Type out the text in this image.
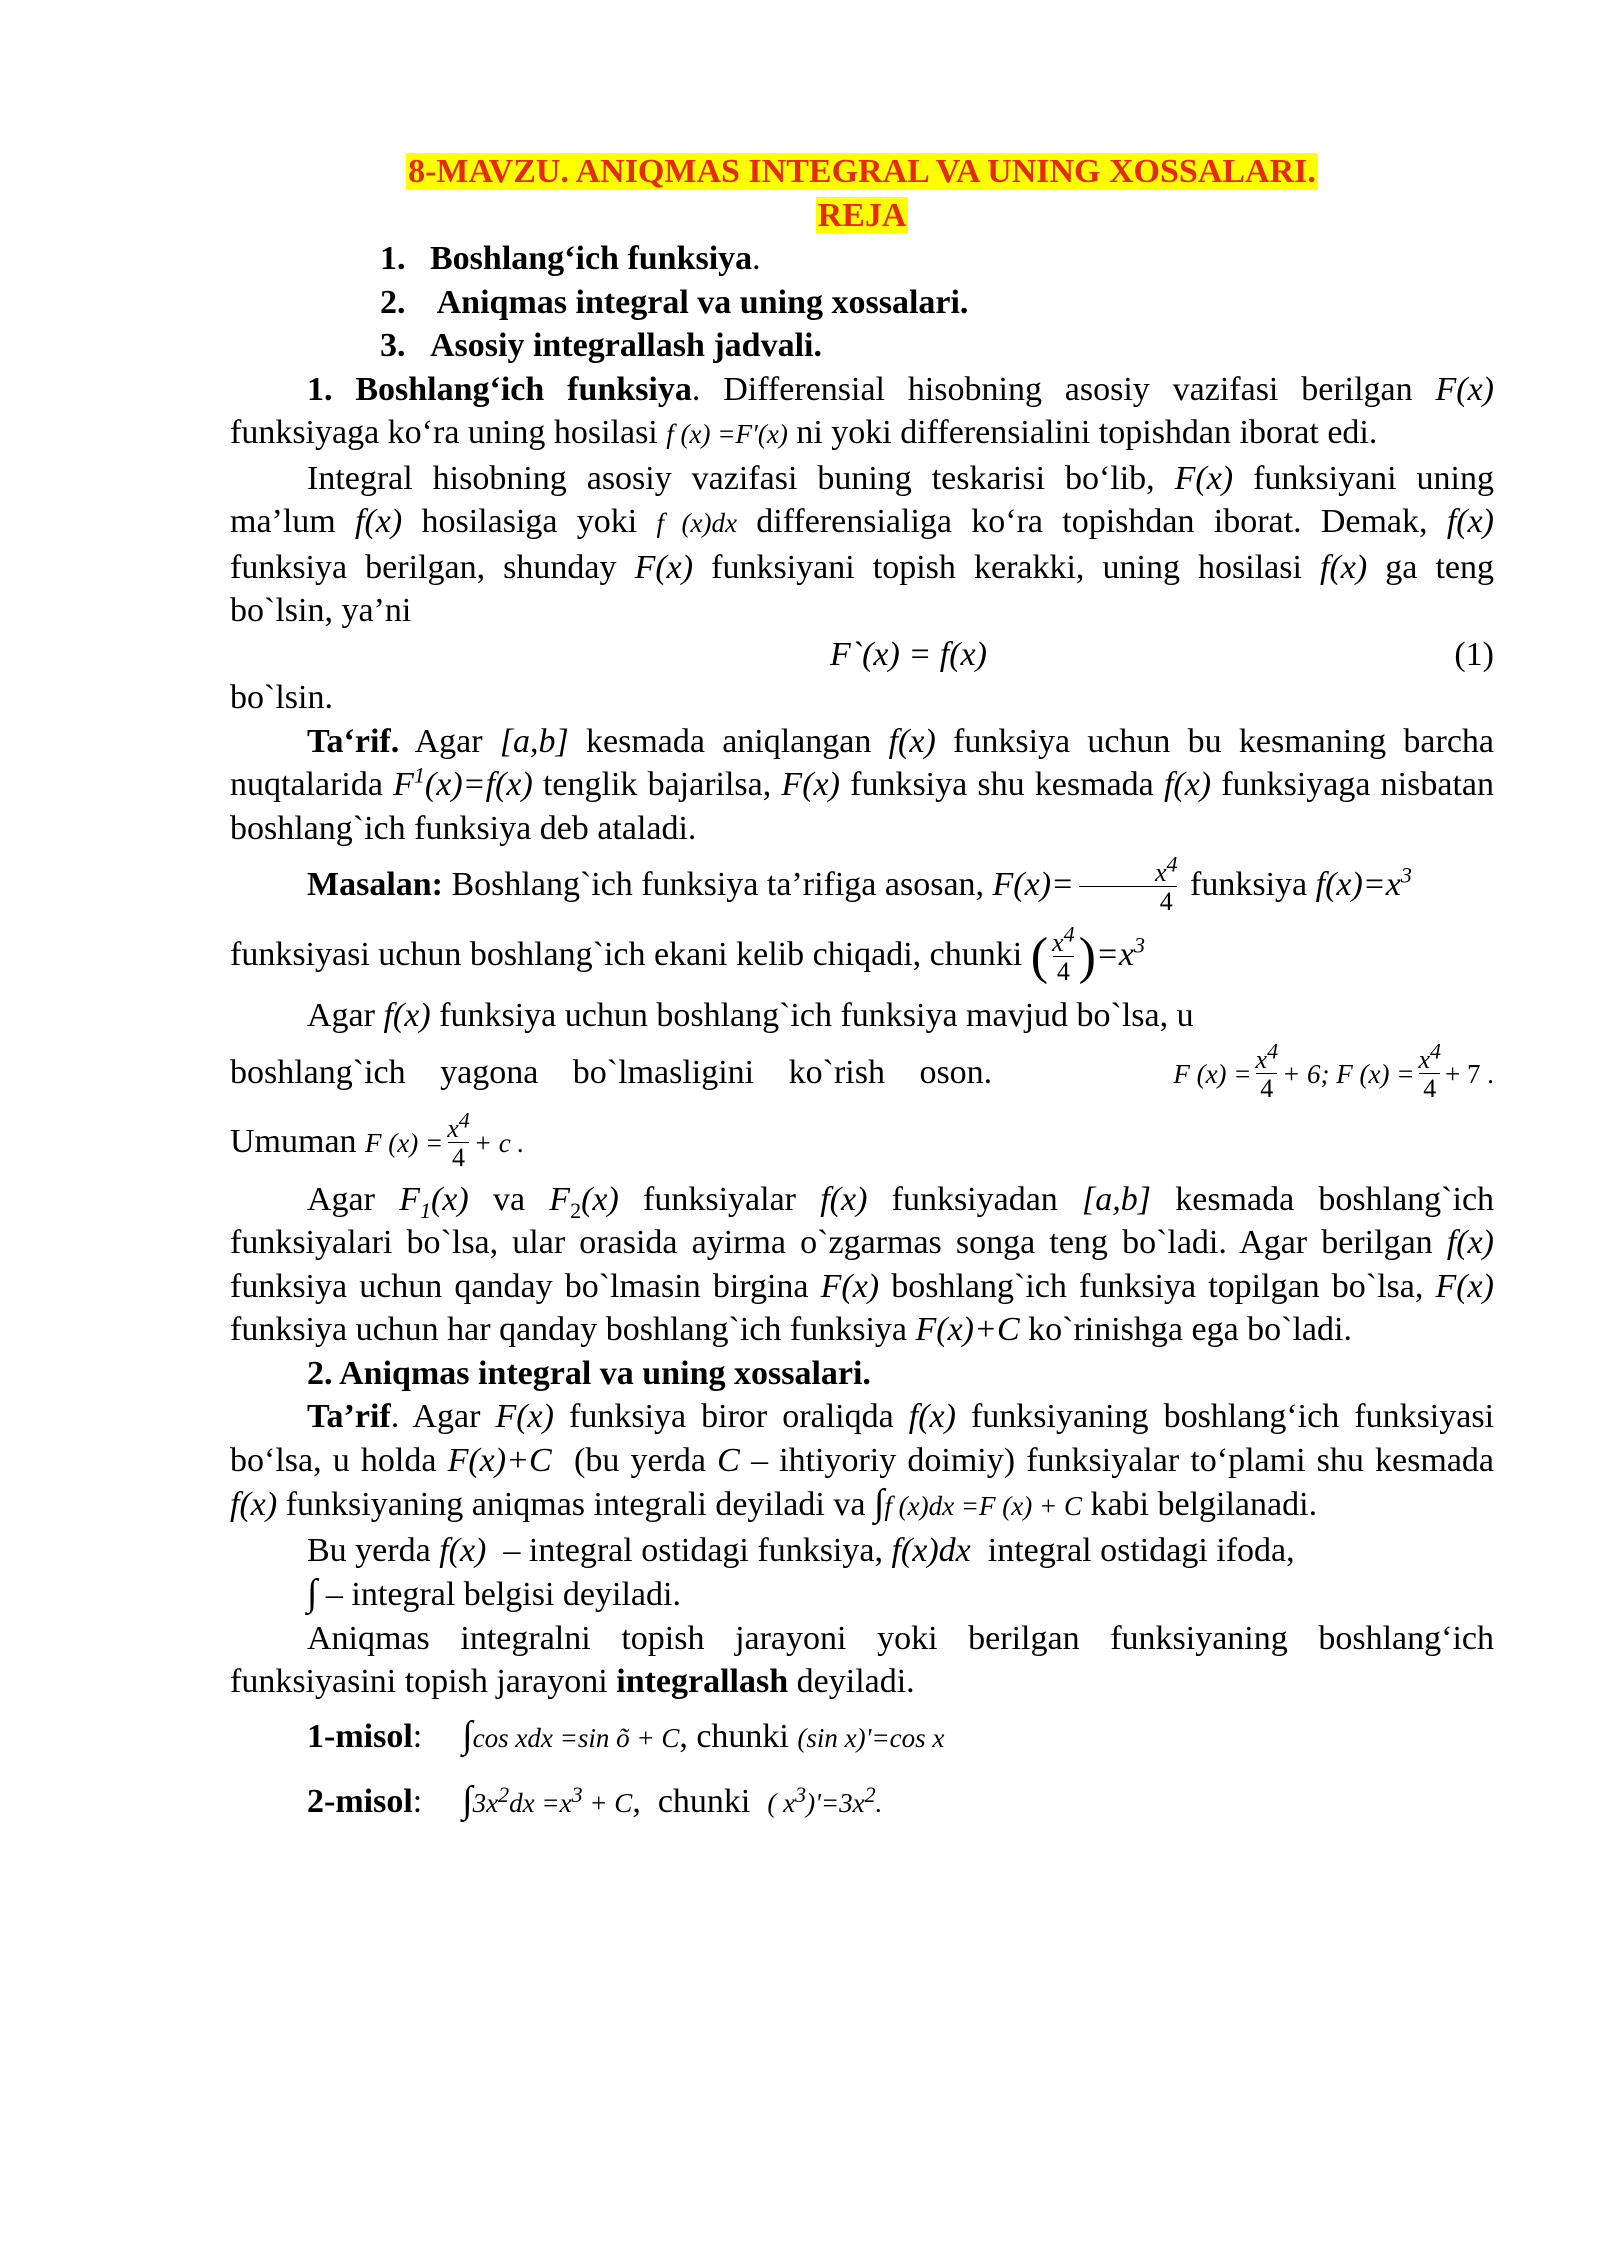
8-MAVZU. ANIQMAS INTEGRAL VA UNING XOSSALARI.
REJA
1. Boshlang‘ich funksiya .
2. Aniqmas integral va uning xossalari.
3. Asosiy integrallash jadvali.

1. Boshlang‘ich funksiya. Differensial hisobning asosiy vazifasi berilgan F(x) funksiyaga ko‘ra uning hosilasi f (x) =F′(x) ni yoki differensialini topishdan iborat edi.

Integral hisobning asosiy vazifasi buning teskarisi bo‘lib, F(x) funksiyani uning ma’lum f(x) hosilasiga yoki f (x)dx differensialiga ko‘ra topishdan iborat. Demak, f(x) funksiya berilgan, shunday F(x) funksiyani topish kerakki, uning hosilasi f(x) ga teng bo`lsin, ya’ni

F`(x) = f(x)	(1)

bo`lsin.

Ta‘rif. Agar [a,b] kesmada aniqlangan f(x) funksiya uchun bu kesmaning barcha nuqtalarida $F^1(x)=f(x)$ tenglik bajarilsa, F(x) funksiya shu kesmada f(x) funksiyaga nisbatan boshlang`ich funksiya deb ataladi.

Masalan: Boshlang`ich funksiya ta’rifiga asosan, $F(x)= \frac{x^4}{4}$ funksiya $f(x)=x^3$

funksiyasi uchun boshlang`ich ekani kelib chiqadi, chunki ( $\frac{x^4}{4} )=x^3$

Agar f(x) funksiya uchun boshlang`ich funksiya mavjud bo`lsa, u

boshlang`ich yagona bo`lmasligini ko`rish oson.	F $(x) = \frac{x^4}{4} + 6$; F $(x) = \frac{x^4}{4} + 7$ .

Umuman F $(x) = \frac{x^4}{4} + c$ .

Agar $F_1(x)$ va $F_2(x)$ funksiyalar f(x) funksiyadan [a,b] kesmada boshlang`ich funksiyalari bo`lsa, ular orasida ayirma o`zgarmas songa teng bo`ladi. Agar berilgan f(x) funksiya uchun qanday bo`lmasin birgina F(x) boshlang`ich funksiya topilgan bo`lsa, F(x) funksiya uchun har qanday boshlang`ich funksiya F(x)+C ko`rinishga ega bo`ladi.

2. Aniqmas integral va uning xossalari.

Ta’rif. Agar F(x) funksiya biror oraliqda f(x) funksiyaning boshlang‘ich funksiyasi bo‘lsa, u holda F(x)+C  (bu yerda C – ihtiyoriy doimiy) funksiyalar to‘plami shu kesmada f(x) funksiyaning aniqmas integrali deyiladi va ∫f (x)dx =F (x) + C kabi belgilanadi.

Bu yerda f(x)  – integral ostidagi funksiya, f(x)dx  integral ostidagi ifoda,

∫ – integral belgisi deyiladi.

Aniqmas integralni topish jarayoni yoki berilgan funksiyaning boshlang‘ich funksiyasini topish jarayoni integrallash deyiladi.

1-misol: ∫cos xdx =sin õ + C, chunki (sin x)'=cos x

2-misol: $\int 3x^2dx =x^3 + C$,  chunki  ( $x^3)'=3x^2$.
